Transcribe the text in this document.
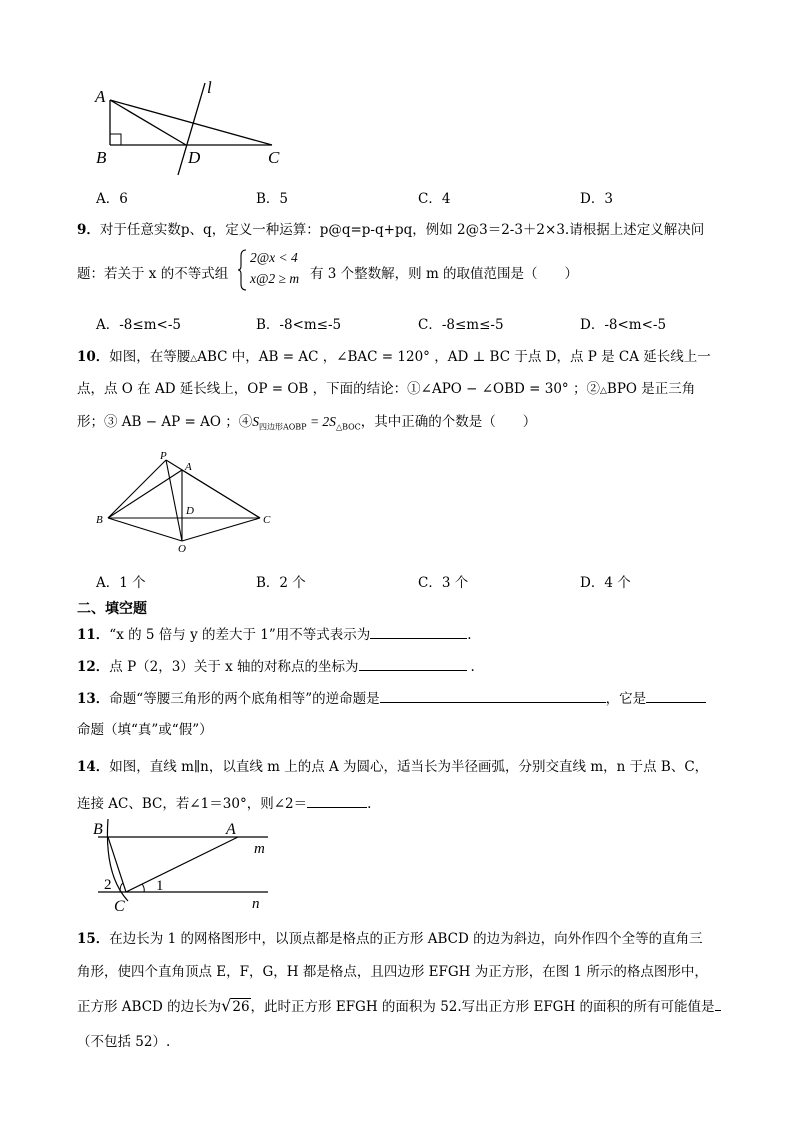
A
B	D	C
l
A．6	B．5	C．4	D．3
9．对于任意实数p、q，定义一种运算：p@q=p-q+pq，例如 2@3＝2-3＋2×3.请根据上述定义解决问
题：若关于 x 的不等式组
2@x < 4
x@2 ≥ m 有 3 个整数解，则 m 的取值范围是（　　）
A．-8≤m<-5	B．-8<m≤-5	C．-8≤m≤-5	D．-8<m<-5
10．如图，在等腰△ABC 中，AB = AC ，∠BAC = 120° ，AD ⊥ BC 于点 D，点 P 是 CA 延长线上一
点，点 O 在 AD 延长线上，OP = OB ，下面的结论：①∠APO − ∠OBD = 30° ；②△BPO 是正三角
形；③ AB − AP = AO ；$④S_{四边形AOBP} = 2S_{\triangle BOC}$，其中正确的个数是（　　）
P
A
D
B	C
O
A．1 个	B．2 个	C．3 个	D．4 个
二、填空题
11．“x 的 5 倍与 y 的差大于 1”用不等式表示为	.
12．点 P（2，3）关于 x 轴的对称点的坐标为	.
13．命题“等腰三角形的两个底角相等”的逆命题是	，它是
命题（填“真”或“假”）
14．如图，直线 m∥n，以直线 m 上的点 A 为圆心，适当长为半径画弧，分别交直线 m，n 于点 B、C，
连接 AC、BC，若∠1＝30°，则∠2＝	.
B	A
m
1
2
n
C
15．在边长为 1 的网格图形中，以顶点都是格点的正方形 ABCD 的边为斜边，向外作四个全等的直角三
角形，使四个直角顶点 E，F，G，H 都是格点，且四边形 EFGH 为正方形，在图 1 所示的格点图形中，
正方形 ABCD 的边长为√26，此时正方形 EFGH 的面积为 52.写出正方形 EFGH 的面积的所有可能值是
（不包括 52）.
